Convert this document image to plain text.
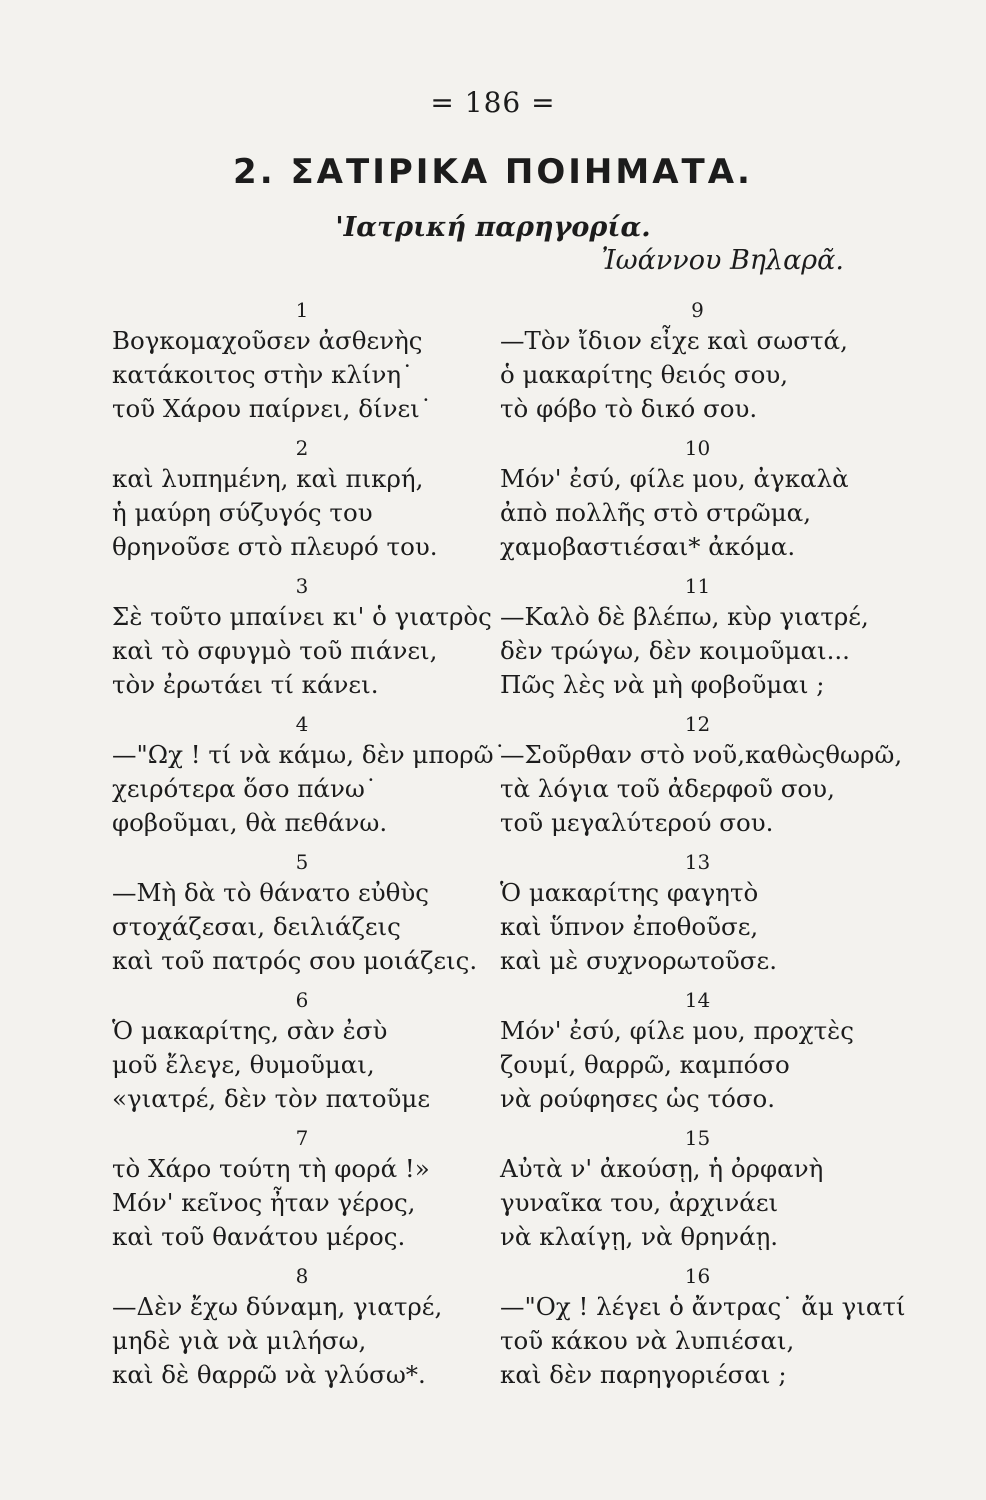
= 186 =
2. ΣΑΤΙΡΙΚΑ ΠΟΙΗΜΑΤΑ.
'Ιατρική παρηγορία.
Ἰωάννου Βηλαρᾶ.
1
Βογκομαχοῦσεν ἀσθενὴς
κατάκοιτος στὴν κλίνη˙
τοῦ Χάρου παίρνει, δίνει˙
2
καὶ λυπημένη, καὶ πικρή,
ἡ μαύρη σύζυγός του
θρηνοῦσε στὸ πλευρό του.
3
Σὲ τοῦτο μπαίνει κι' ὁ γιατρὸς
καὶ τὸ σφυγμὸ τοῦ πιάνει,
τὸν ἐρωτάει τί κάνει.
4
—"Ωχ ! τί νὰ κάμω, δὲν μπορῶ˙
χειρότερα ὅσο πάνω˙
φοβοῦμαι, θὰ πεθάνω.
5
—Μὴ δὰ τὸ θάνατο εὐθὺς
στοχάζεσαι, δειλιάζεις
καὶ τοῦ πατρός σου μοιάζεις.
6
Ὁ μακαρίτης, σὰν ἐσὺ
μοῦ ἔλεγε, θυμοῦμαι,
«γιατρέ, δὲν τὸν πατοῦμε
7
τὸ Χάρο τούτη τὴ φορά !»
Μόν' κεῖνος ἦταν γέρος,
καὶ τοῦ θανάτου μέρος.
8
—Δὲν ἔχω δύναμη, γιατρέ,
μηδὲ γιὰ νὰ μιλήσω,
καὶ δὲ θαρρῶ νὰ γλύσω*.
9
—Τὸν ἴδιον εἶχε καὶ σωστά,
ὁ μακαρίτης θειός σου,
τὸ φόβο τὸ δικό σου.
10
Μόν' ἐσύ, φίλε μου, ἀγκαλὰ
ἀπὸ πολλῆς στὸ στρῶμα,
χαμοβαστιέσαι* ἀκόμα.
11
—Καλὸ δὲ βλέπω, κὺρ γιατρέ,
δὲν τρώγω, δὲν κοιμοῦμαι...
Πῶς λὲς νὰ μὴ φοβοῦμαι ;
12
—Σοῦρθαν στὸ νοῦ,καθὼςθωρῶ,
τὰ λόγια τοῦ ἀδερφοῦ σου,
τοῦ μεγαλύτερού σου.
13
Ὁ μακαρίτης φαγητὸ
καὶ ὕπνον ἐποθοῦσε,
καὶ μὲ συχνορωτοῦσε.
14
Μόν' ἐσύ, φίλε μου, προχτὲς
ζουμί, θαρρῶ, καμπόσο
νὰ ρούφησες ὡς τόσο.
15
Αὐτὰ ν' ἀκούσῃ, ἡ ὀρφανὴ
γυναῖκα του, ἀρχινάει
νὰ κλαίγῃ, νὰ θρηνάῃ.
16
—"Οχ ! λέγει ὁ ἄντρας˙ ἄμ γιατί
τοῦ κάκου νὰ λυπιέσαι,
καὶ δὲν παρηγοριέσαι ;
